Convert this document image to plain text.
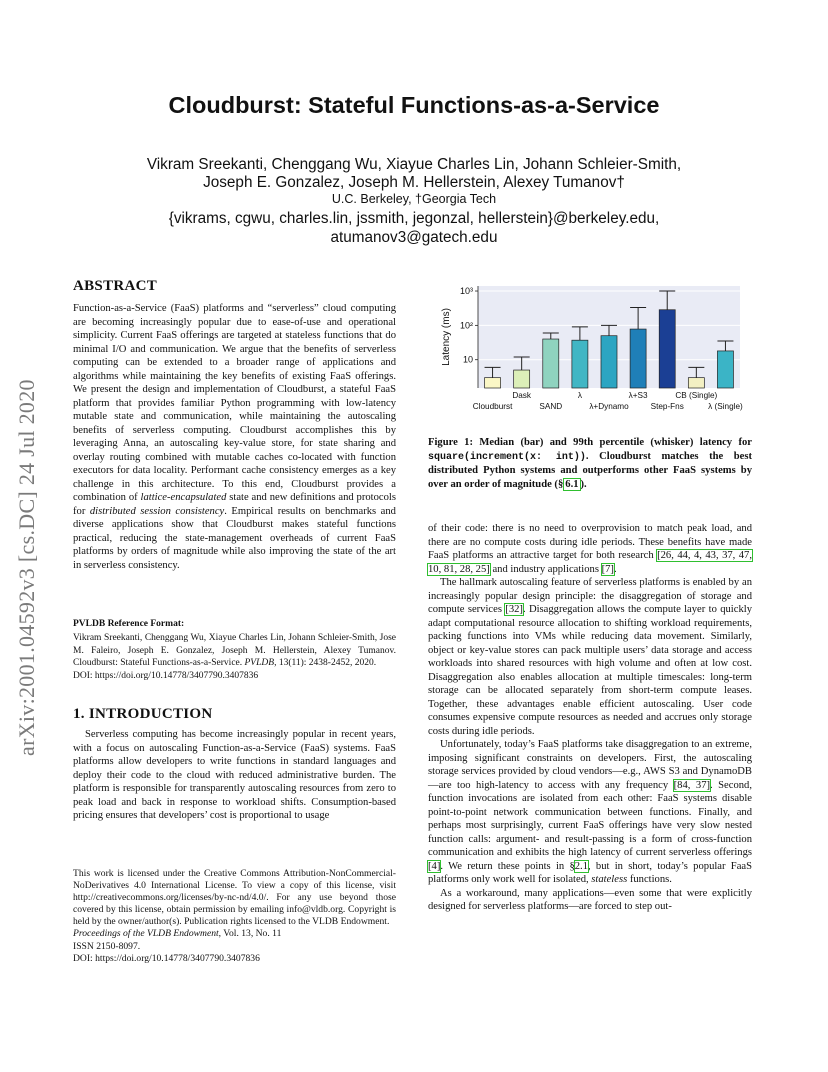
arXiv:2001.04592v3 [cs.DC] 24 Jul 2020
Cloudburst: Stateful Functions-as-a-Service
Vikram Sreekanti, Chenggang Wu, Xiayue Charles Lin, Johann Schleier-Smith,
Joseph E. Gonzalez, Joseph M. Hellerstein, Alexey Tumanov†
U.C. Berkeley, †Georgia Tech
{vikrams, cgwu, charles.lin, jssmith, jegonzal, hellerstein}@berkeley.edu,
atumanov3@gatech.edu
ABSTRACT

Function-as-a-Service (FaaS) platforms and “serverless” cloud computing are becoming increasingly popular due to ease-of-use and operational simplicity. Current FaaS offerings are targeted at stateless functions that do minimal I/O and communication. We argue that the benefits of serverless computing can be extended to a broader range of applications and algorithms while maintaining the key benefits of existing FaaS offerings. We present the design and implementation of Cloudburst, a stateful FaaS platform that provides familiar Python programming with low-latency mutable state and communication, while maintaining the autoscaling benefits of serverless computing. Cloudburst accomplishes this by leveraging Anna, an autoscaling key-value store, for state sharing and overlay routing combined with mutable caches co-located with function executors for data locality. Performant cache consistency emerges as a key challenge in this architecture. To this end, Cloudburst provides a combination of lattice-encapsulated state and new definitions and protocols for distributed session consistency. Empirical results on benchmarks and diverse applications show that Cloudburst makes stateful functions practical, reducing the state-management overheads of current FaaS platforms by orders of magnitude while also improving the state of the art in serverless consistency.

PVLDB Reference Format:

Vikram Sreekanti, Chenggang Wu, Xiayue Charles Lin, Johann Schleier-Smith, Jose M. Faleiro, Joseph E. Gonzalez, Joseph M. Hellerstein, Alexey Tumanov. Cloudburst: Stateful Functions-as-a-Service. PVLDB, 13(11): 2438-2452, 2020.

DOI: https://doi.org/10.14778/3407790.3407836

1. INTRODUCTION

Serverless computing has become increasingly popular in recent years, with a focus on autoscaling Function-as-a-Service (FaaS) systems. FaaS platforms allow developers to write functions in standard languages and deploy their code to the cloud with reduced administrative burden. The platform is responsible for transparently autoscaling resources from zero to peak load and back in response to workload shifts. Consumption-based pricing ensures that developers’ cost is proportional to usage

This work is licensed under the Creative Commons Attribution-NonCommercial-NoDerivatives 4.0 International License. To view a copy of this license, visit http://creativecommons.org/licenses/by-nc-nd/4.0/. For any use beyond those covered by this license, obtain permission by emailing info@vldb.org. Copyright is held by the owner/author(s). Publication rights licensed to the VLDB Endowment.

Proceedings of the VLDB Endowment, Vol. 13, No. 11

ISSN 2150-8097.

DOI: https://doi.org/10.14778/3407790.3407836

10
10²
10³
Latency (ms)
Cloudburst
Dask
SAND
λ
λ+Dynamo
λ+S3
Step-Fns
CB (Single)
λ (Single)
Figure 1: Median (bar) and 99th percentile (whisker) latency for square(increment(x: int)). Cloudburst matches the best distributed Python systems and outperforms other FaaS systems by over an order of magnitude (§ 6.1 ).

of their code: there is no need to overprovision to match peak load, and there are no compute costs during idle periods. These benefits have made FaaS platforms an attractive target for both research [26, 44, 4, 43, 37, 47, 10, 81, 28, 25] and industry applications [7].

The hallmark autoscaling feature of serverless platforms is enabled by an increasingly popular design principle: the disaggregation of storage and compute services [32]. Disaggregation allows the compute layer to quickly adapt computational resource allocation to shifting workload requirements, packing functions into VMs while reducing data movement. Similarly, object or key-value stores can pack multiple users’ data storage and access workloads into shared resources with high volume and often at low cost. Disaggregation also enables allocation at multiple timescales: long-term storage can be allocated separately from short-term compute leases. Together, these advantages enable efficient autoscaling. User code consumes expensive compute resources as needed and accrues only storage costs during idle periods.

Unfortunately, today’s FaaS platforms take disaggregation to an extreme, imposing significant constraints on developers. First, the autoscaling storage services provided by cloud vendors—e.g., AWS S3 and DynamoDB—are too high-latency to access with any frequency [84, 37]. Second, function invocations are isolated from each other: FaaS systems disable point-to-point network communication between functions. Finally, and perhaps most surprisingly, current FaaS offerings have very slow nested function calls: argument- and result-passing is a form of cross-function communication and exhibits the high latency of current serverless offerings [4]. We return these points in §2.1, but in short, today’s popular FaaS platforms only work well for isolated, stateless functions.

As a workaround, many applications—even some that were explicitly designed for serverless platforms—are forced to step out-
